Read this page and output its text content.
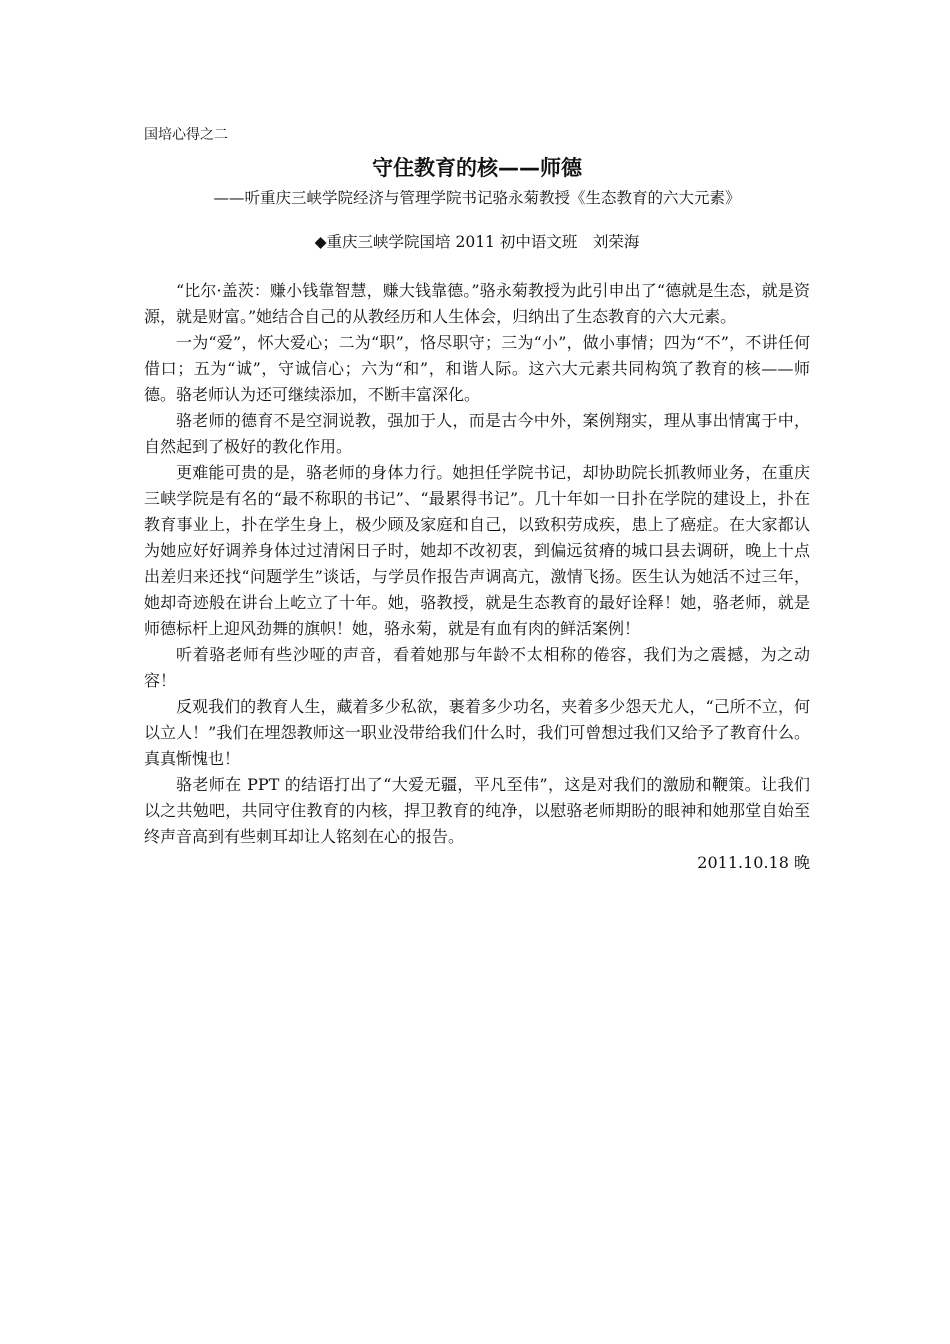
国培心得之二

守住教育的核——师德

——听重庆三峡学院经济与管理学院书记骆永菊教授《生态教育的六大元素》

◆重庆三峡学院国培 2011 初中语文班　刘荣海

“比尔·盖茨：赚小钱靠智慧，赚大钱靠德。”骆永菊教授为此引申出了“德就是生态，就是资源，就是财富。”她结合自己的从教经历和人生体会，归纳出了生态教育的六大元素。

一为“爱”，怀大爱心；二为“职”，恪尽职守；三为“小”，做小事情；四为“不”，不讲任何借口；五为“诚”，守诚信心；六为“和”，和谐人际。这六大元素共同构筑了教育的核——师德。骆老师认为还可继续添加，不断丰富深化。

骆老师的德育不是空洞说教，强加于人，而是古今中外，案例翔实，理从事出情寓于中，自然起到了极好的教化作用。

更难能可贵的是，骆老师的身体力行。她担任学院书记，却协助院长抓教师业务，在重庆三峡学院是有名的“最不称职的书记”、“最累得书记”。几十年如一日扑在学院的建设上，扑在教育事业上，扑在学生身上，极少顾及家庭和自己，以致积劳成疾，患上了癌症。在大家都认为她应好好调养身体过过清闲日子时，她却不改初衷，到偏远贫瘠的城口县去调研，晚上十点出差归来还找“问题学生”谈话，与学员作报告声调高亢，激情飞扬。医生认为她活不过三年，她却奇迹般在讲台上屹立了十年。她，骆教授，就是生态教育的最好诠释！她，骆老师，就是师德标杆上迎风劲舞的旗帜！她，骆永菊，就是有血有肉的鲜活案例！

听着骆老师有些沙哑的声音，看着她那与年龄不太相称的倦容，我们为之震撼，为之动容！

反观我们的教育人生，藏着多少私欲，裹着多少功名，夹着多少怨天尤人，“己所不立，何以立人！”我们在埋怨教师这一职业没带给我们什么时，我们可曾想过我们又给予了教育什么。真真惭愧也！

骆老师在 PPT 的结语打出了“大爱无疆，平凡至伟”，这是对我们的激励和鞭策。让我们以之共勉吧，共同守住教育的内核，捍卫教育的纯净，以慰骆老师期盼的眼神和她那堂自始至终声音高到有些刺耳却让人铭刻在心的报告。

2011.10.18 晚
